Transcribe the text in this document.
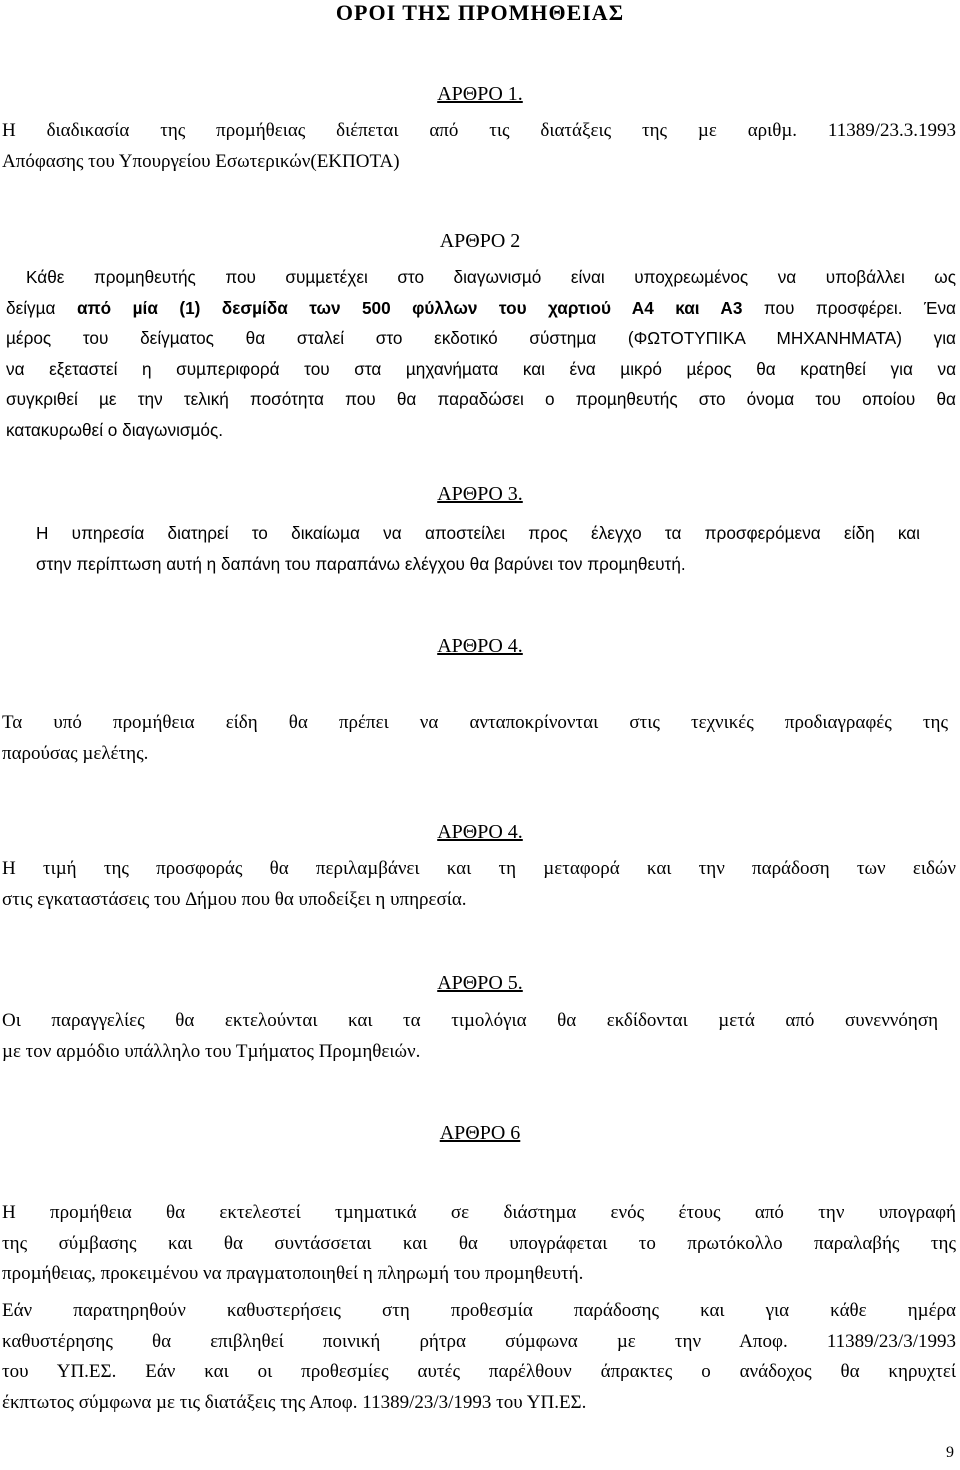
ΟΡΟΙ ΤΗΣ ΠΡΟΜΗΘΕΙΑΣ
ΑΡΘΡΟ 1.
Η διαδικασία της προµήθειας διέπεται από τις διατάξεις της µε αριθµ. 11389/23.3.1993
Απόφασης του Υπουργείου Εσωτερικών(ΕΚΠΟΤΑ)
ΑΡΘΡΟ 2
Κάθε προµηθευτής που συµµετέχει στο διαγωνισµό είναι υποχρεωµένος να υποβάλλει ως
δείγµα από µία (1) δεσµίδα των 500 φύλλων του χαρτιού Α4 και Α3 που προσφέρει. Ένα
µέρος του δείγµατος θα σταλεί στο εκδοτικό σύστηµα (ΦΩΤΟΤΥΠΙΚΑ ΜΗΧΑΝΗΜΑΤΑ) για
να εξεταστεί η συµπεριφορά του στα µηχανήµατα και ένα µικρό µέρος θα κρατηθεί για να
συγκριθεί µε την τελική ποσότητα που θα παραδώσει ο προµηθευτής στο όνοµα του οποίου θα
κατακυρωθεί ο διαγωνισµός.
ΑΡΘΡΟ 3.
Η υπηρεσία διατηρεί το δικαίωµα να αποστείλει προς έλεγχο τα προσφερόµενα είδη και
στην περίπτωση αυτή η δαπάνη του παραπάνω ελέγχου θα βαρύνει τον προµηθευτή.
ΑΡΘΡΟ 4.
Τα υπό προµήθεια είδη θα πρέπει να ανταποκρίνονται στις τεχνικές προδιαγραφές της
παρούσας µελέτης.
ΑΡΘΡΟ 4.
Η τιµή της προσφοράς θα περιλαµβάνει και τη µεταφορά και την παράδοση των ειδών
στις εγκαταστάσεις του ∆ήµου που θα υποδείξει η υπηρεσία.
ΑΡΘΡΟ 5.
Οι παραγγελίες θα εκτελούνται και τα τιµολόγια θα εκδίδονται µετά από συνεννόηση
µε τον αρµόδιο υπάλληλο του Τµήµατος Προµηθειών.
ΑΡΘΡΟ 6
Η προµήθεια θα εκτελεστεί τµηµατικά σε διάστηµα ενός έτους από την υπογραφή
της σύµβασης και θα συντάσσεται και θα υπογράφεται το πρωτόκολλο παραλαβής της
προµήθειας, προκειµένου να πραγµατοποιηθεί η πληρωµή του προµηθευτή.
Εάν παρατηρηθούν καθυστερήσεις στη προθεσµία παράδοσης και για κάθε ηµέρα
καθυστέρησης θα επιβληθεί ποινική ρήτρα σύµφωνα µε την Αποφ. 11389/23/3/1993
του ΥΠ.ΕΣ. Εάν και οι προθεσµίες αυτές παρέλθουν άπρακτες ο ανάδοχος θα κηρυχτεί
έκπτωτος σύµφωνα µε τις διατάξεις της Αποφ. 11389/23/3/1993 του ΥΠ.ΕΣ.
9
